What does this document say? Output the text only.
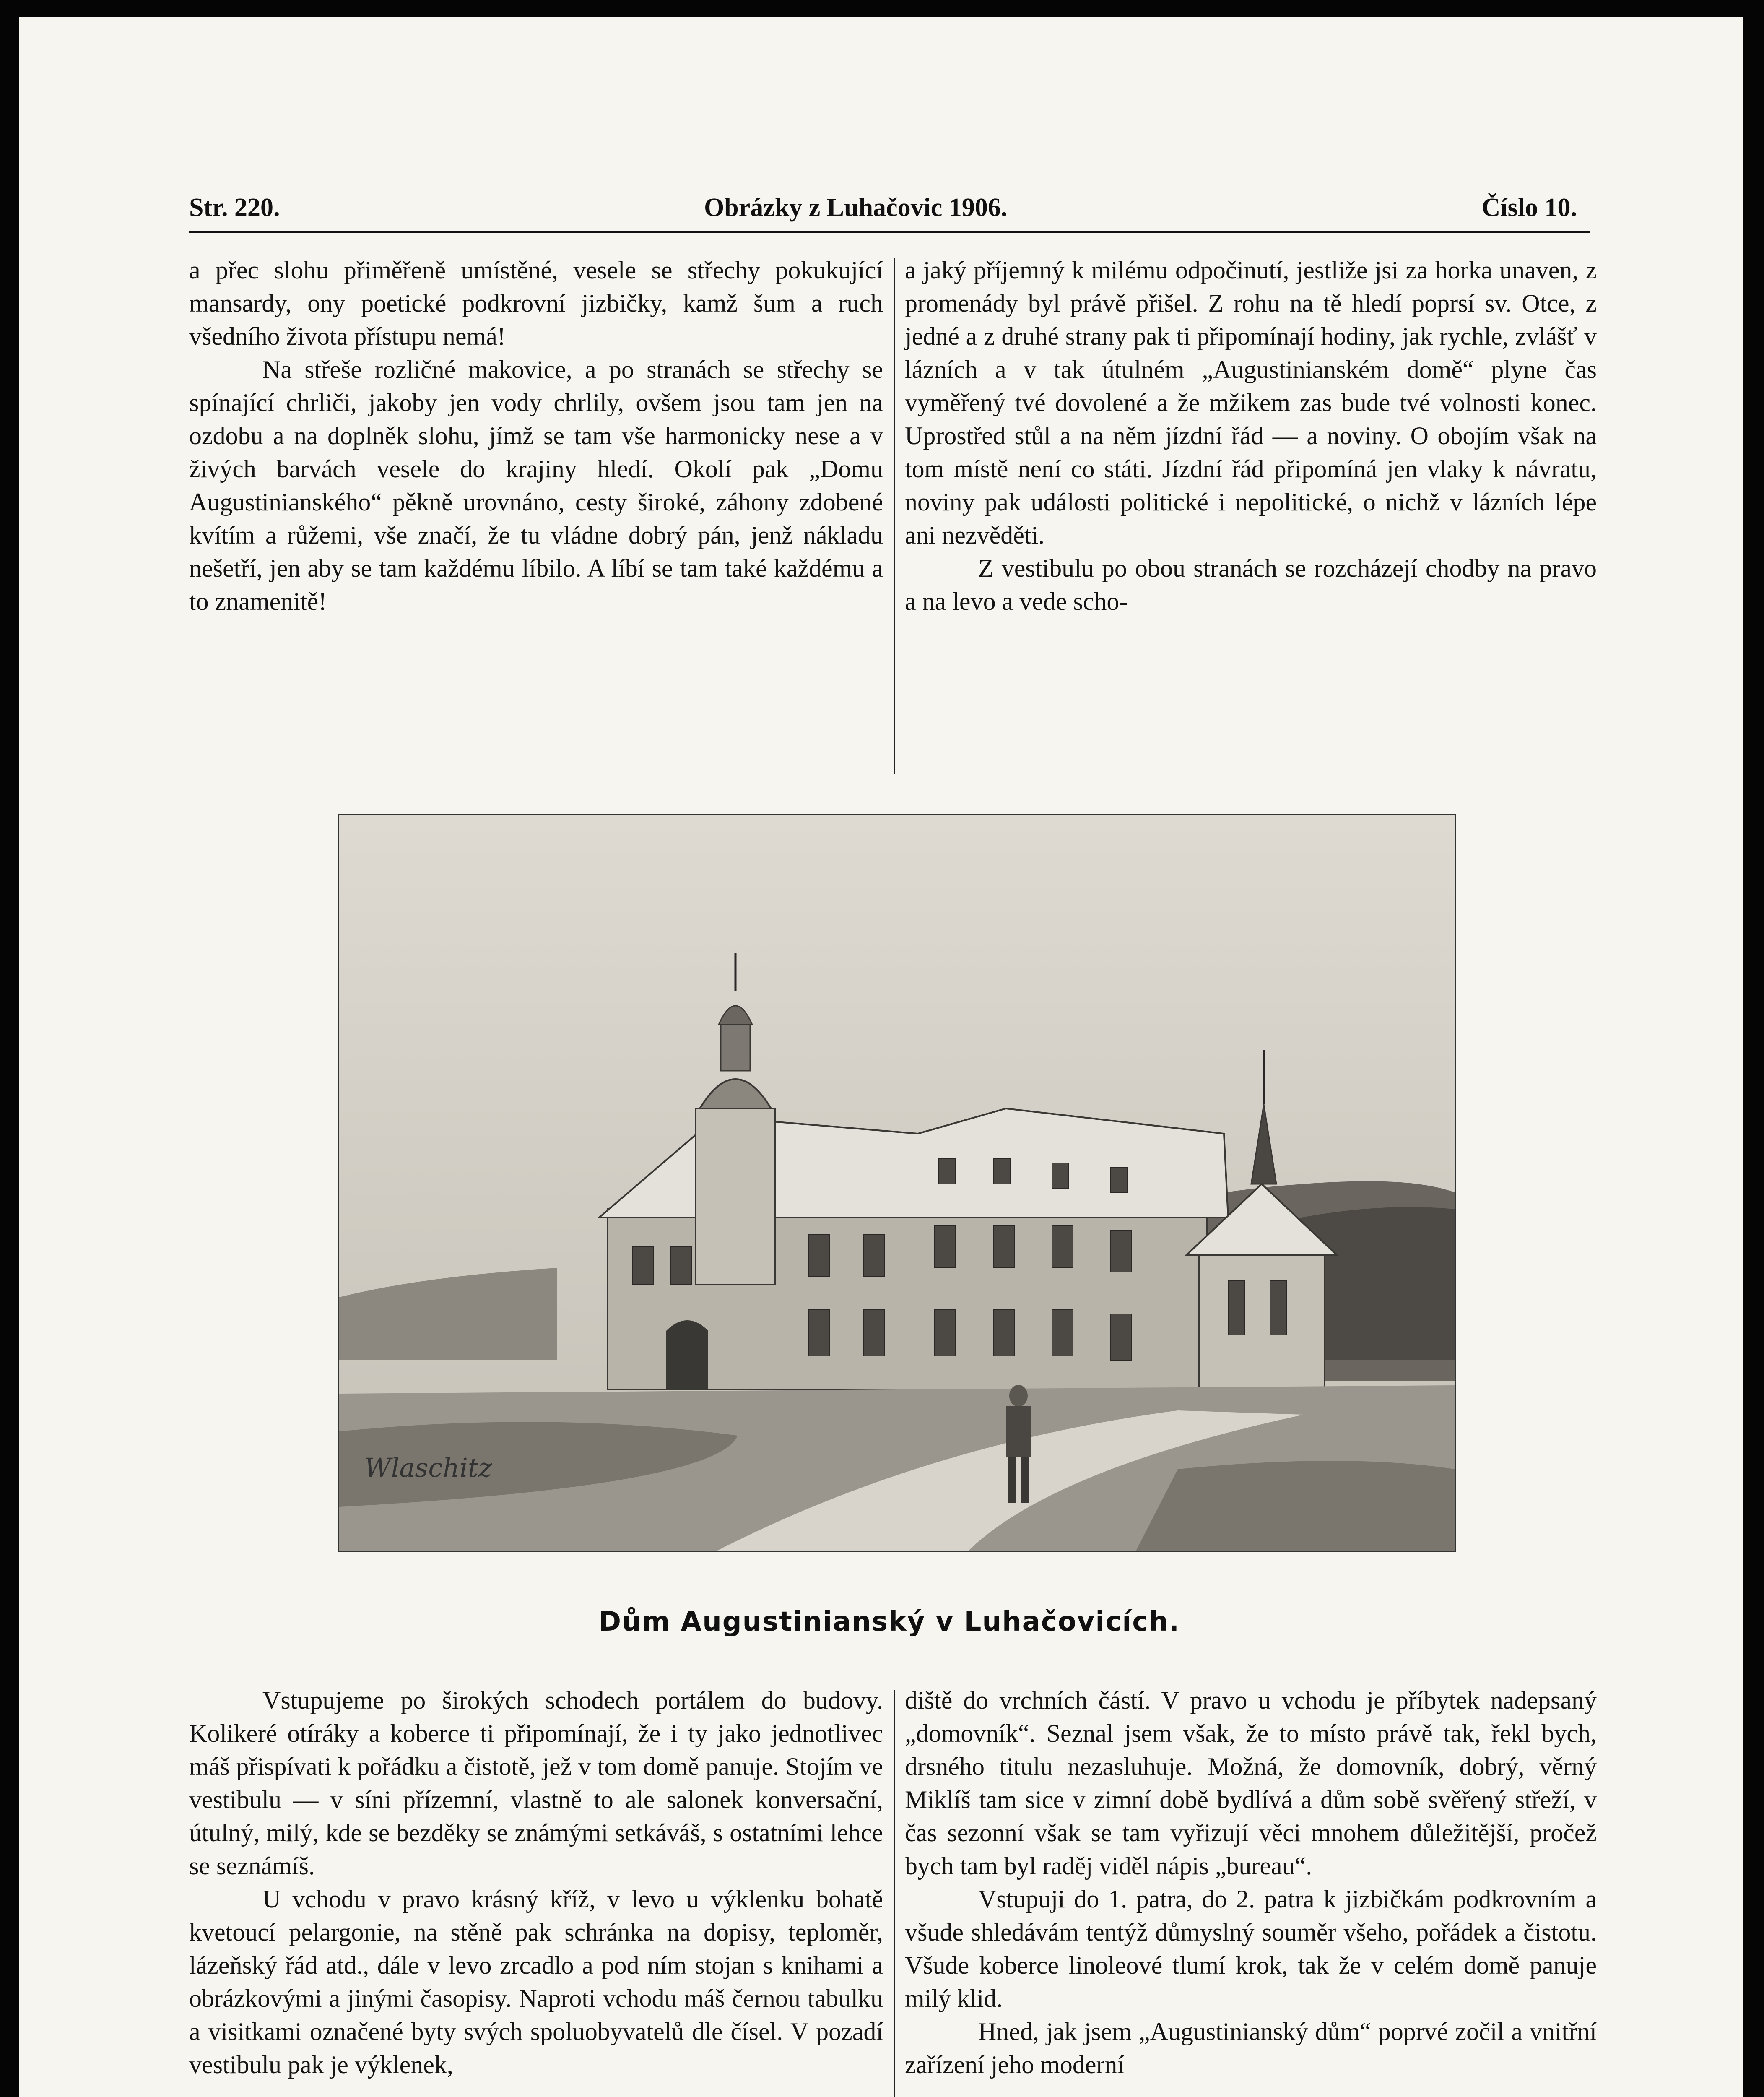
Str. 220.	Obrázky z Luhačovic 1906.	Číslo 10.

a přec slohu přiměřeně umístěné, vesele se střechy pokukující mansardy, ony poetické podkrovní jizbičky, kamž šum a ruch všedního života přístupu nemá!

Na střeše rozličné makovice, a po stranách se střechy se spínající chrliči, jakoby jen vody chrlily, ovšem jsou tam jen na ozdobu a na doplněk slohu, jímž se tam vše harmonicky nese a v živých barvách vesele do krajiny hledí. Okolí pak „Domu Augustinianského“ pěkně urovnáno, cesty široké, záhony zdobené kvítím a růžemi, vše značí, že tu vládne dobrý pán, jenž nákladu nešetří, jen aby se tam každému líbilo. A líbí se tam také každému a to znamenitě!

a jaký příjemný k milému odpočinutí, jestliže jsi za horka unaven, z promenády byl právě přišel. Z rohu na tě hledí poprsí sv. Otce, z jedné a z druhé strany pak ti připomínají hodiny, jak rychle, zvlášť v lázních a v tak útulném „Augustinianském domě“ plyne čas vyměřený tvé dovolené a že mžikem zas bude tvé volnosti konec. Uprostřed stůl a na něm jízdní řád — a noviny. O obojím však na tom místě není co státi. Jízdní řád připomíná jen vlaky k návratu, noviny pak události politické i nepolitické, o nichž v lázních lépe ani nezvěděti.

Z vestibulu po obou stranách se rozcházejí chodby na pravo a na levo a vede scho-

Wlaschitz
Dům Augustinianský v Luhačovicích.

Vstupujeme po širokých schodech portálem do budovy. Kolikeré otíráky a koberce ti připomínají, že i ty jako jednotlivec máš přispívati k pořádku a čistotě, jež v tom domě panuje. Stojím ve vestibulu — v síni přízemní, vlastně to ale salonek konversační, útulný, milý, kde se bezděky se známými setkáváš, s ostatními lehce se seznámíš.

U vchodu v pravo krásný kříž, v levo u výklenku bohatě kvetoucí pelargonie, na stěně pak schránka na dopisy, teploměr, lázeňský řád atd., dále v levo zrcadlo a pod ním stojan s knihami a obrázkovými a jinými časopisy. Naproti vchodu máš černou tabulku a visitkami označené byty svých spoluobyvatelů dle čísel. V pozadí vestibulu pak je výklenek,

diště do vrchních částí. V pravo u vchodu je příbytek nadepsaný „domovník“. Seznal jsem však, že to místo právě tak, řekl bych, drsného titulu nezasluhuje. Možná, že domovník, dobrý, věrný Miklíš tam sice v zimní době bydlívá a dům sobě svěřený střeží, v čas sezonní však se tam vyřizují věci mnohem důležitější, pročež bych tam byl raděj viděl nápis „bureau“.

Vstupuji do 1. patra, do 2. patra k jizbičkám podkrovním a všude shledávám tentýž důmyslný souměr všeho, pořádek a čistotu. Všude koberce linoleové tlumí krok, tak že v celém domě panuje milý klid.

Hned, jak jsem „Augustinianský dům“ poprvé zočil a vnitřní zařízení jeho moderní
